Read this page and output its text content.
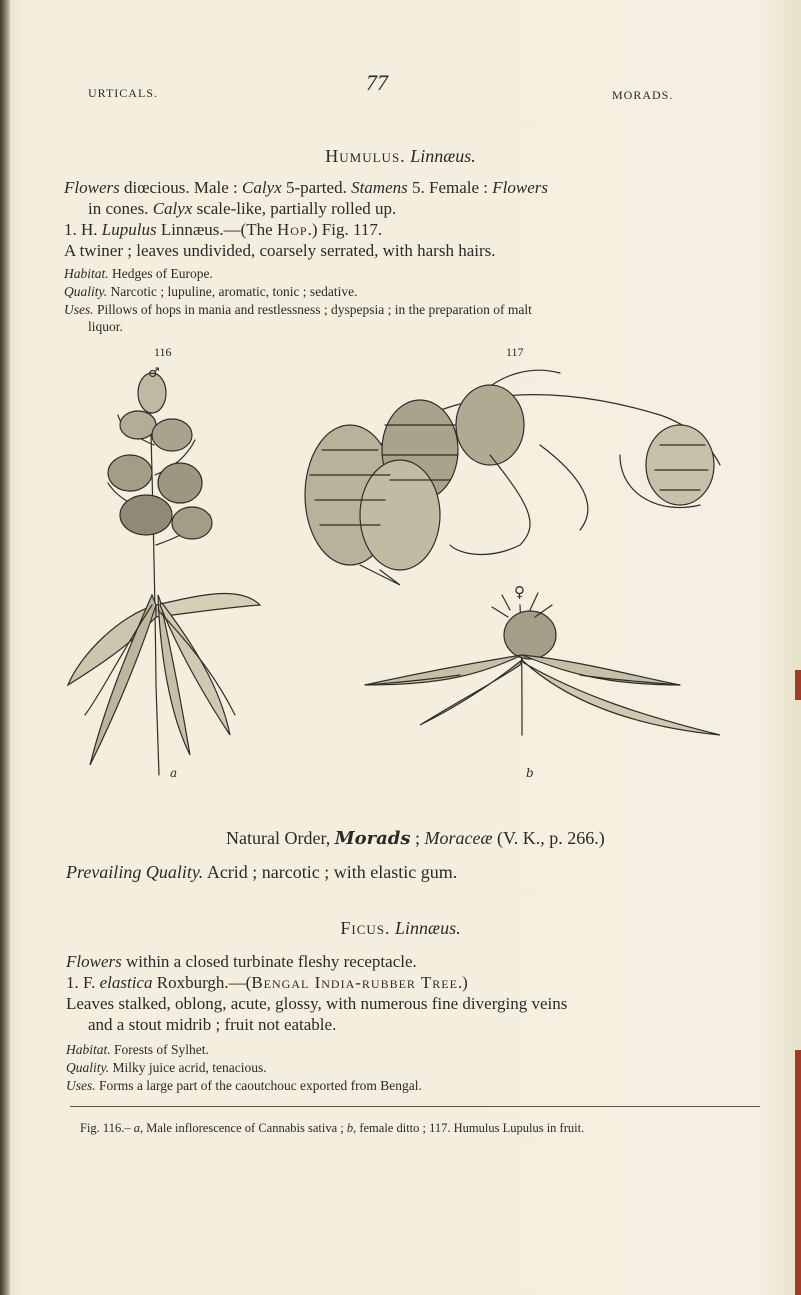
URTICALS.	77	MORADS.
Humulus. Linnæus.
Flowers diœcious. Male : Calyx 5-parted. Stamens 5. Female : Flowers
in cones. Calyx scale-like, partially rolled up.
1. H. Lupulus Linnæus.—(The Hop.) Fig. 117.
A twiner ; leaves undivided, coarsely serrated, with harsh hairs.
Habitat. Hedges of Europe.
Quality. Narcotic ; lupuline, aromatic, tonic ; sedative.
Uses. Pillows of hops in mania and restlessness ; dyspepsia ; in the preparation of malt
liquor.
116	117
♂
♀
a	b
Natural Order, Morads ; Moraceæ (V. K., p. 266.)
Prevailing Quality. Acrid ; narcotic ; with elastic gum.
Ficus. Linnæus.
Flowers within a closed turbinate fleshy receptacle.
1. F. elastica Roxburgh.—(Bengal India-rubber Tree.)
Leaves stalked, oblong, acute, glossy, with numerous fine diverging veins
and a stout midrib ; fruit not eatable.
Habitat. Forests of Sylhet.
Quality. Milky juice acrid, tenacious.
Uses. Forms a large part of the caoutchouc exported from Bengal.
Fig. 116.– a, Male inflorescence of Cannabis sativa ; b, female ditto ; 117. Humulus Lupulus in fruit.
